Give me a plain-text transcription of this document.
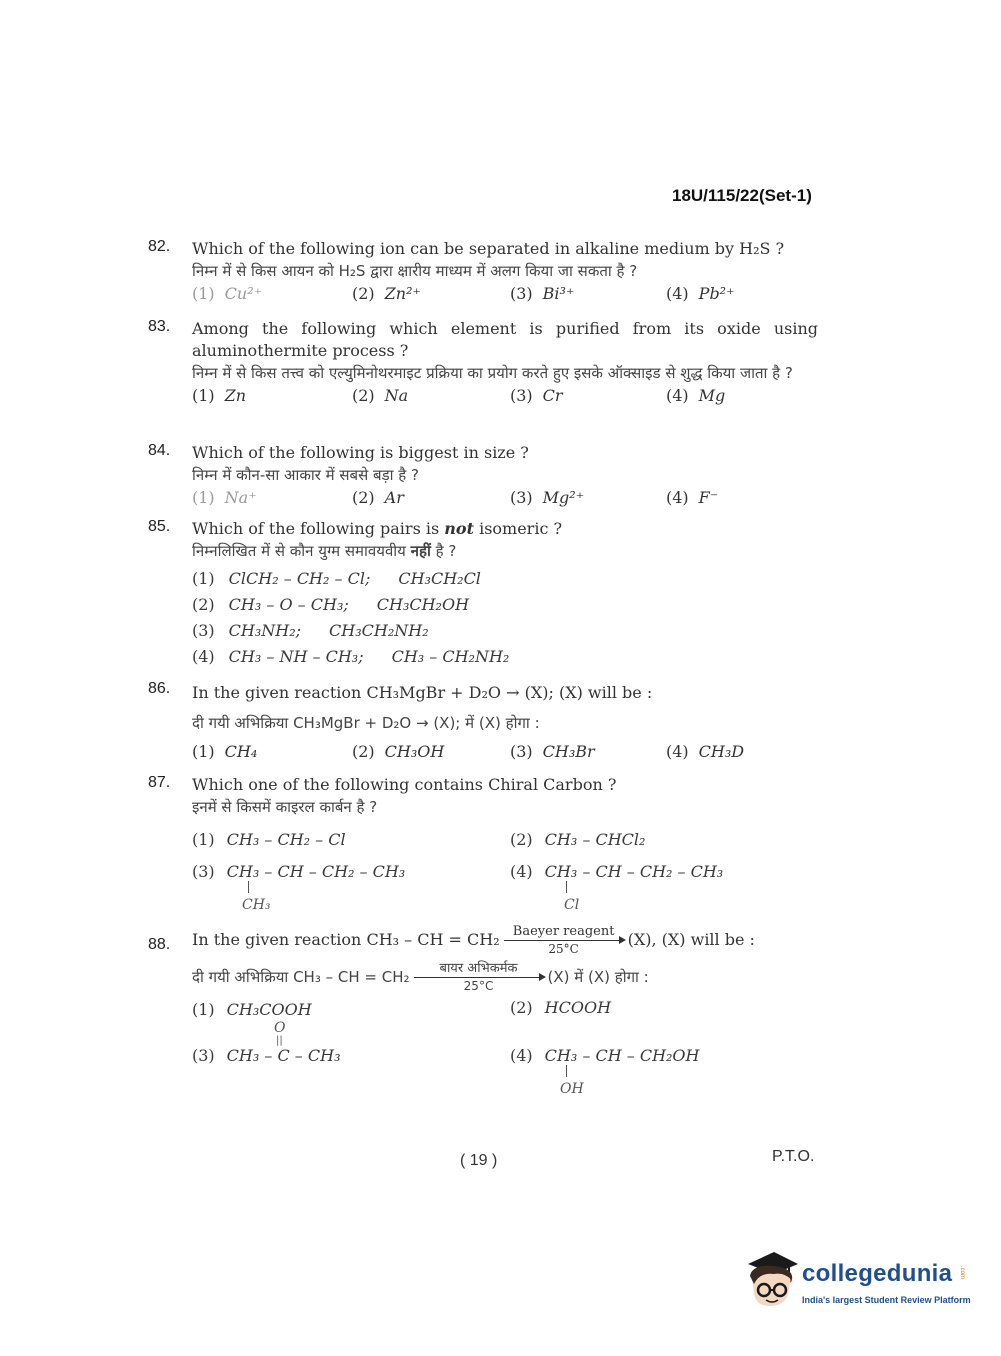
18U/115/22(Set-1)
82. Which of the following ion can be separated in alkaline medium by H₂S ?
निम्न में से किस आयन को H₂S द्वारा क्षारीय माध्यम में अलग किया जा सकता है ?
(1) Cu²⁺	(2) Zn²⁺	(3) Bi³⁺	(4) Pb²⁺
83. Among the following which element is purified from its oxide using aluminothermite process ?
निम्न में से किस तत्त्व को एल्युमिनोथरमाइट प्रक्रिया का प्रयोग करते हुए इसके ऑक्साइड से शुद्ध किया जाता है ?
(1) Zn	(2) Na	(3) Cr	(4) Mg
84. Which of the following is biggest in size ?
निम्न में कौन-सा आकार में सबसे बड़ा है ?
(1) Na⁺	(2) Ar	(3) Mg²⁺	(4) F⁻
85. Which of the following pairs is not isomeric ?
निम्नलिखित में से कौन युग्म समावयवीय नहीं है ?
(1) ClCH₂ – CH₂ – Cl; CH₃CH₂Cl
(2) CH₃ – O – CH₃; CH₃CH₂OH
(3) CH₃NH₂; CH₃CH₂NH₂
(4) CH₃ – NH – CH₃; CH₃ – CH₂NH₂
86. In the given reaction CH₃MgBr + D₂O → (X); (X) will be :
दी गयी अभिक्रिया CH₃MgBr + D₂O → (X); में (X) होगा :
(1) CH₄	(2) CH₃OH	(3) CH₃Br	(4) CH₃D
87. Which one of the following contains Chiral Carbon ?
इनमें से किसमें काइरल कार्बन है ?
(1) CH₃ – CH₂ – Cl	(2) CH₃ – CHCl₂
(3) CH₃ – CH – CH₂ – CH₃
CH₃
(4) CH₃ – CH – CH₂ – CH₃
Cl
88. In the given reaction CH₃ – CH = CH₂	Baeyer reagent
25°C	(X), (X) will be :
दी गयी अभिक्रिया CH₃ – CH = CH₂	बायर अभिकर्मक
25°C	(X) में (X) होगा :
(1) CH₃COOH	(2) HCOOH
O
||
(3) CH₃ – C – CH₃	(4) CH₃ – CH – CH₂OH
OH
( 19 )	P.T.O.
collegedunia .com
India's largest Student Review Platform
